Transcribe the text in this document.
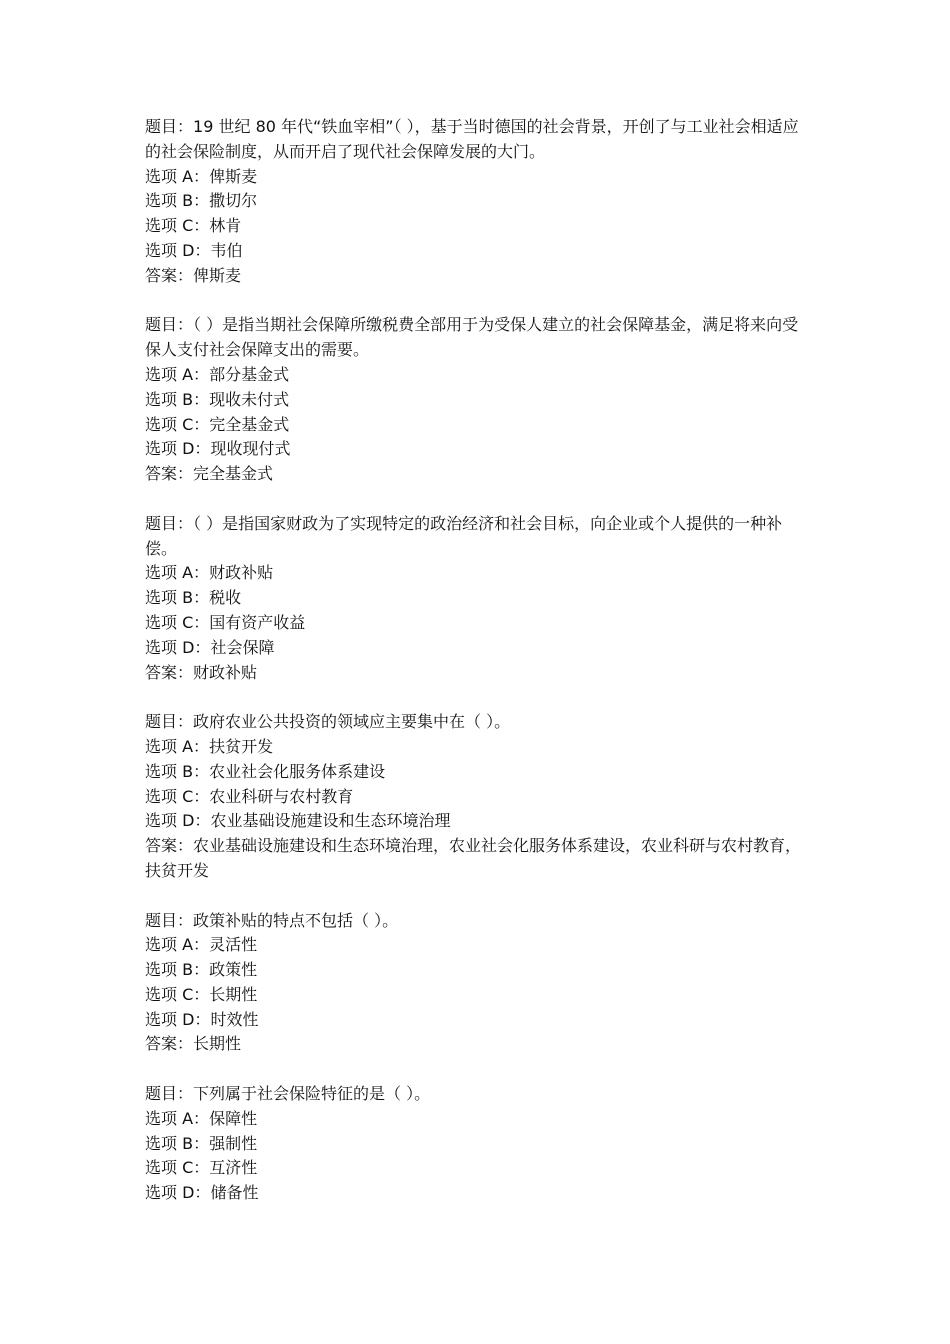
题目：19 世纪 80 年代“铁血宰相”（ ），基于当时德国的社会背景，开创了与工业社会相适应的社会保险制度，从而开启了现代社会保障发展的大门。
选项 A：俾斯麦
选项 B：撒切尔
选项 C：林肯
选项 D：韦伯
答案：俾斯麦
题目：（ ）是指当期社会保障所缴税费全部用于为受保人建立的社会保障基金，满足将来向受保人支付社会保障支出的需要。
选项 A：部分基金式
选项 B：现收未付式
选项 C：完全基金式
选项 D：现收现付式
答案：完全基金式
题目：（ ）是指国家财政为了实现特定的政治经济和社会目标，向企业或个人提供的一种补偿。
选项 A：财政补贴
选项 B：税收
选项 C：国有资产收益
选项 D：社会保障
答案：财政补贴
题目：政府农业公共投资的领域应主要集中在（ ）。
选项 A：扶贫开发
选项 B：农业社会化服务体系建设
选项 C：农业科研与农村教育
选项 D：农业基础设施建设和生态环境治理
答案：农业基础设施建设和生态环境治理，农业社会化服务体系建设，农业科研与农村教育，扶贫开发
题目：政策补贴的特点不包括（ ）。
选项 A：灵活性
选项 B：政策性
选项 C：长期性
选项 D：时效性
答案：长期性
题目：下列属于社会保险特征的是（ ）。
选项 A：保障性
选项 B：强制性
选项 C：互济性
选项 D：储备性
